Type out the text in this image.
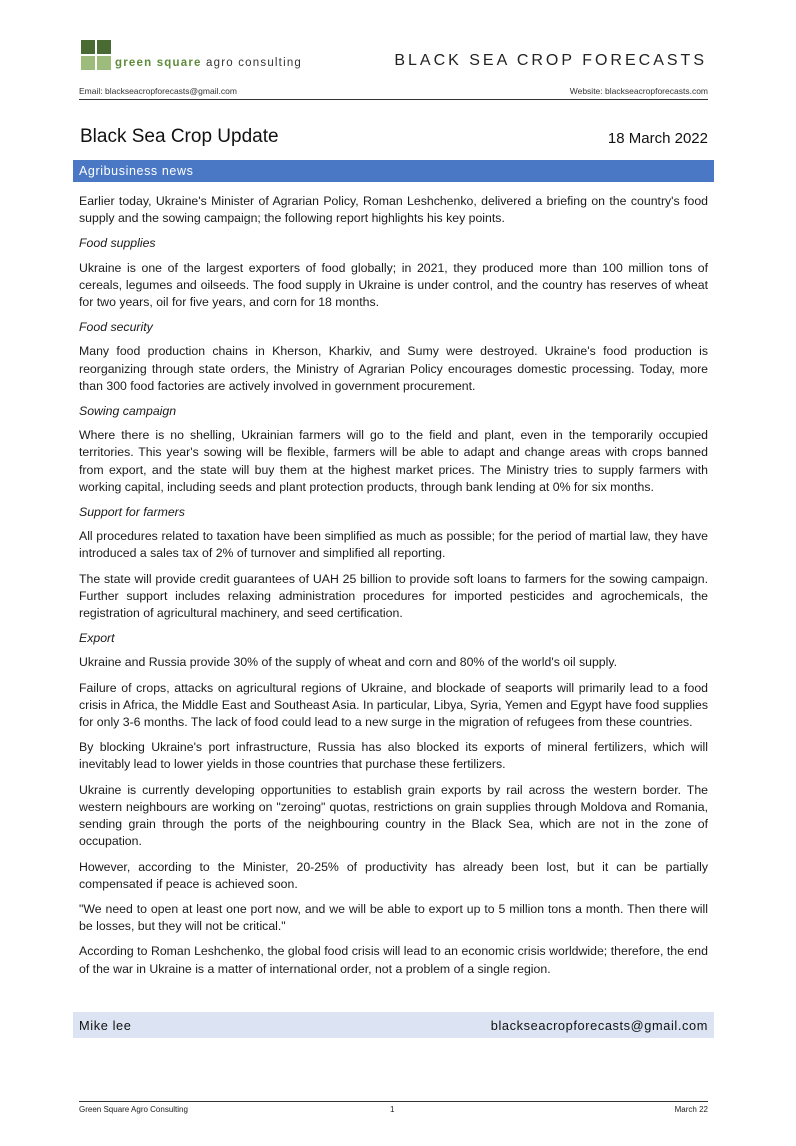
green square agro consulting	BLACK SEA CROP FORECASTS
Email: blackseacropforecasts@gmail.com	Website: blackseacropforecasts.com
Black Sea Crop Update	18 March 2022
Agribusiness news

Earlier today, Ukraine's Minister of Agrarian Policy, Roman Leshchenko, delivered a briefing on the country's food supply and the sowing campaign; the following report highlights his key points.

Food supplies

Ukraine is one of the largest exporters of food globally; in 2021, they produced more than 100 million tons of cereals, legumes and oilseeds. The food supply in Ukraine is under control, and the country has reserves of wheat for two years, oil for five years, and corn for 18 months.

Food security

Many food production chains in Kherson, Kharkiv, and Sumy were destroyed. Ukraine's food production is reorganizing through state orders, the Ministry of Agrarian Policy encourages domestic processing. Today, more than 300 food factories are actively involved in government procurement.

Sowing campaign

Where there is no shelling, Ukrainian farmers will go to the field and plant, even in the temporarily occupied territories. This year's sowing will be flexible, farmers will be able to adapt and change areas with crops banned from export, and the state will buy them at the highest market prices. The Ministry tries to supply farmers with working capital, including seeds and plant protection products, through bank lending at 0% for six months.

Support for farmers

All procedures related to taxation have been simplified as much as possible; for the period of martial law, they have introduced a sales tax of 2% of turnover and simplified all reporting.

The state will provide credit guarantees of UAH 25 billion to provide soft loans to farmers for the sowing campaign. Further support includes relaxing administration procedures for imported pesticides and agrochemicals, the registration of agricultural machinery, and seed certification.

Export

Ukraine and Russia provide 30% of the supply of wheat and corn and 80% of the world's oil supply.

Failure of crops, attacks on agricultural regions of Ukraine, and blockade of seaports will primarily lead to a food crisis in Africa, the Middle East and Southeast Asia. In particular, Libya, Syria, Yemen and Egypt have food supplies for only 3-6 months. The lack of food could lead to a new surge in the migration of refugees from these countries.

By blocking Ukraine's port infrastructure, Russia has also blocked its exports of mineral fertilizers, which will inevitably lead to lower yields in those countries that purchase these fertilizers.

Ukraine is currently developing opportunities to establish grain exports by rail across the western border. The western neighbours are working on "zeroing" quotas, restrictions on grain supplies through Moldova and Romania, sending grain through the ports of the neighbouring country in the Black Sea, which are not in the zone of occupation.

However, according to the Minister, 20-25% of productivity has already been lost, but it can be partially compensated if peace is achieved soon.

"We need to open at least one port now, and we will be able to export up to 5 million tons a month. Then there will be losses, but they will not be critical."

According to Roman Leshchenko, the global food crisis will lead to an economic crisis worldwide; therefore, the end of the war in Ukraine is a matter of international order, not a problem of a single region.

Mike lee	blackseacropforecasts@gmail.com
Green Square Agro Consulting	1	March 22
